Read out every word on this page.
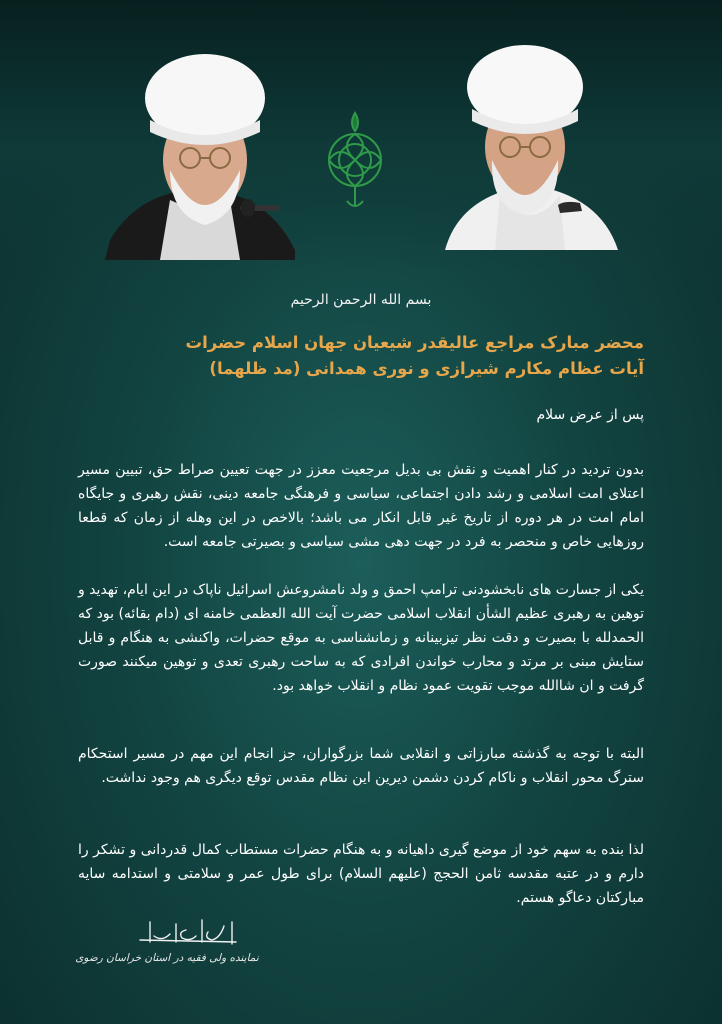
بسم الله الرحمن الرحیم
محضر مبارک مراجع عالیقدر شیعیان جهان اسلام حضرات
آیات عظام مکارم شیرازی و نوری همدانی (مد ظلهما)
پس از عرض سلام

بدون تردید در کنار اهمیت و نقش بی بدیل مرجعیت معزز در جهت تعیین صراط حق، تبیین مسیر اعتلای امت اسلامی و رشد دادن اجتماعی، سیاسی و فرهنگی جامعه دینی، نقش رهبری و جایگاه امام امت در هر دوره از تاریخ غیر قابل انکار می باشد؛ بالاخص در این وهله از زمان که قطعا روزهایی خاص و منحصر به فرد در جهت دهی مشی سیاسی و بصیرتی جامعه است.

یکی از جسارت های نابخشودنی ترامپ احمق و ولد نامشروعش اسرائیل ناپاک در این ایام، تهدید و توهین به رهبری عظیم الشأن انقلاب اسلامی حضرت آیت الله العظمی خامنه ای (دام بقائه) بود که الحمدلله با بصیرت و دقت نظر تیزبینانه و زمانشناسی به موقع حضرات، واکنشی به هنگام و قابل ستایش مبنی بر مرتد و محارب خواندن افرادی که به ساحت رهبری تعدی و توهین میکنند صورت گرفت و ان شاالله موجب تقویت عمود نظام و انقلاب خواهد بود.

البته با توجه به گذشته مبارزاتی و انقلابی شما بزرگواران، جز انجام این مهم در مسیر استحکام سترگ محور انقلاب و ناکام کردن دشمن دیرین این نظام مقدس توقع دیگری هم وجود نداشت.

لذا بنده به سهم خود از موضع گیری داهیانه و به هنگام حضرات مستطاب کمال قدردانی و تشکر را دارم و در عتبه مقدسه ثامن الحجج (علیهم السلام) برای طول عمر و سلامتی و استدامه سایه مبارکتان دعاگو هستم.

نماینده ولی فقیه در استان خراسان رضوی
